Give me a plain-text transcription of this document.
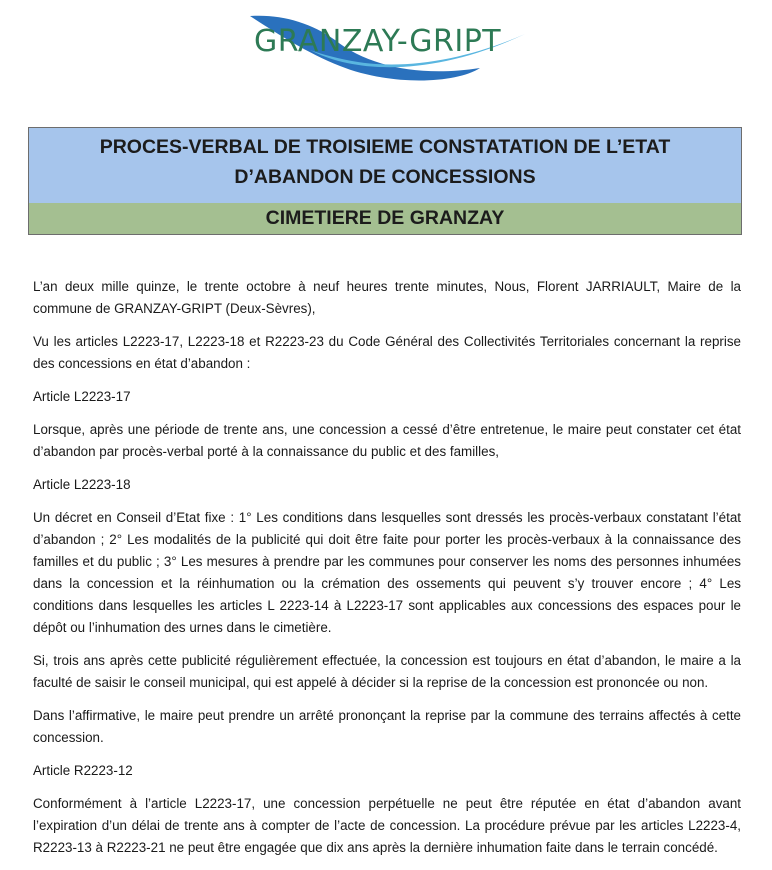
GRANZAY-GRIPT
PROCES-VERBAL DE TROISIEME CONSTATATION DE L’ETAT
D’ABANDON DE CONCESSIONS
CIMETIERE DE GRANZAY

L’an deux mille quinze, le trente octobre à neuf heures trente minutes, Nous, Florent JARRIAULT, Maire de la commune de GRANZAY-GRIPT (Deux-Sèvres),

Vu les articles L2223-17, L2223-18 et R2223-23 du Code Général des Collectivités Territoriales concernant la reprise des concessions en état d’abandon :

Article L2223-17

Lorsque, après une période de trente ans, une concession a cessé d’être entretenue, le maire peut constater cet état d’abandon par procès-verbal porté à la connaissance du public et des familles,

Article L2223-18

Un décret en Conseil d’Etat fixe : 1° Les conditions dans lesquelles sont dressés les procès-verbaux constatant l’état d’abandon ; 2° Les modalités de la publicité qui doit être faite pour porter les procès-verbaux à la connaissance des familles et du public ; 3° Les mesures à prendre par les communes pour conserver les noms des personnes inhumées dans la concession et la réinhumation ou la crémation des ossements qui peuvent s’y trouver encore ; 4° Les conditions dans lesquelles les articles L 2223-14 à L2223-17 sont applicables aux concessions des espaces pour le dépôt ou l’inhumation des urnes dans le cimetière.

Si, trois ans après cette publicité régulièrement effectuée, la concession est toujours en état d’abandon, le maire a la faculté de saisir le conseil municipal, qui est appelé à décider si la reprise de la concession est prononcée ou non.

Dans l’affirmative, le maire peut prendre un arrêté prononçant la reprise par la commune des terrains affectés à cette concession.

Article R2223-12

Conformément à l’article L2223-17, une concession perpétuelle ne peut être réputée en état d’abandon avant l’expiration d’un délai de trente ans à compter de l’acte de concession. La procédure prévue par les articles L2223-4, R2223-13 à R2223-21 ne peut être engagée que dix ans après la dernière inhumation faite dans le terrain concédé.
